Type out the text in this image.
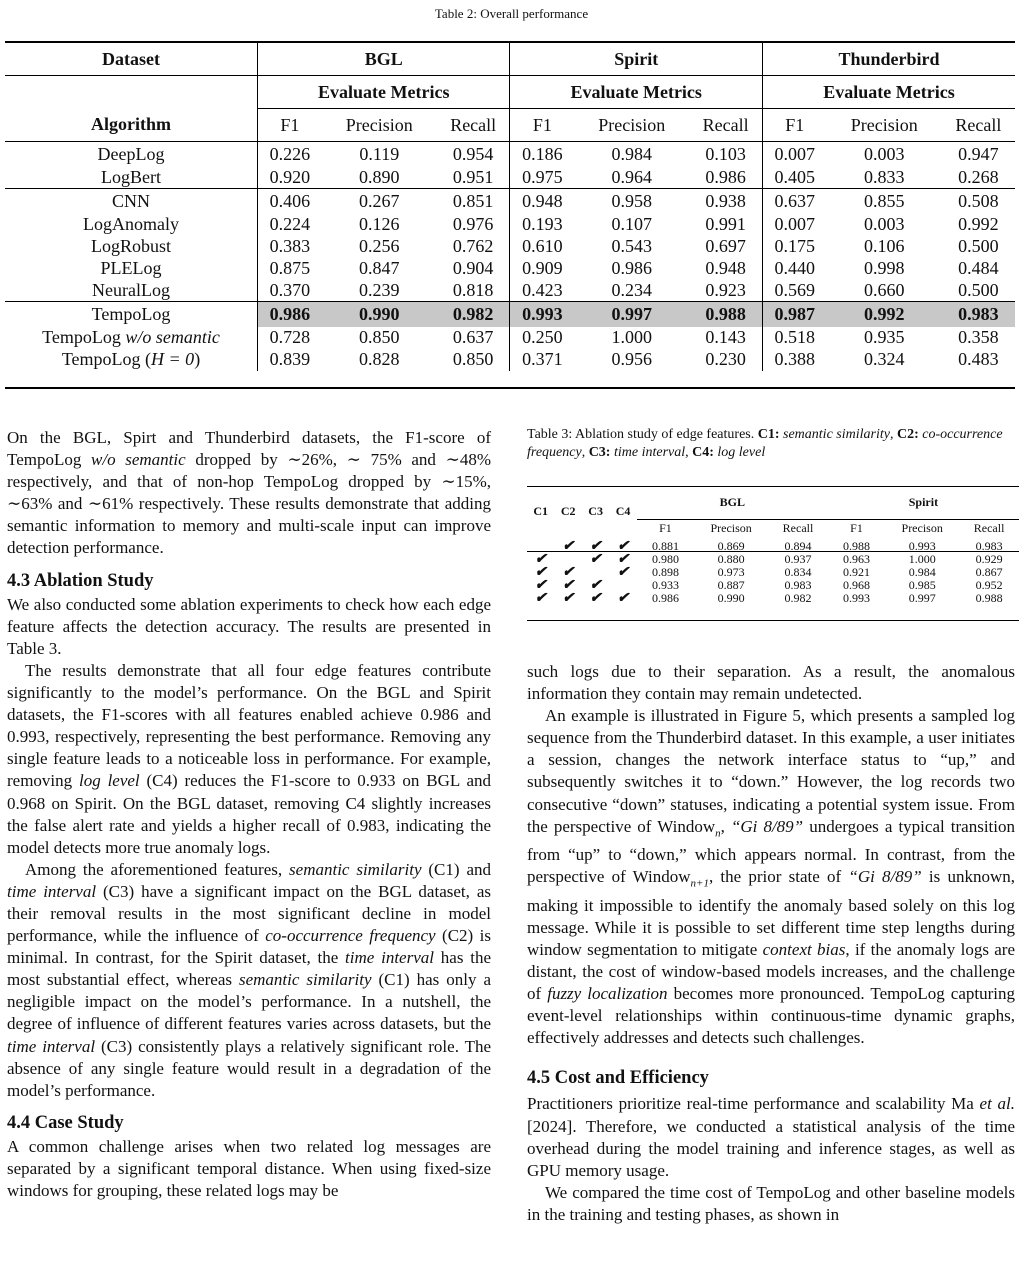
Table 2: Overall performance
Dataset	BGL			Spirit			Thunderbird		
	Evaluate Metrics			Evaluate Metrics			Evaluate Metrics		
Algorithm	F1	Precision	Recall	F1	Precision	Recall	F1	Precision	Recall
DeepLog	0.226	0.119	0.954	0.186	0.984	0.103	0.007	0.003	0.947
LogBert	0.920	0.890	0.951	0.975	0.964	0.986	0.405	0.833	0.268
CNN	0.406	0.267	0.851	0.948	0.958	0.938	0.637	0.855	0.508
LogAnomaly	0.224	0.126	0.976	0.193	0.107	0.991	0.007	0.003	0.992
LogRobust	0.383	0.256	0.762	0.610	0.543	0.697	0.175	0.106	0.500
PLELog	0.875	0.847	0.904	0.909	0.986	0.948	0.440	0.998	0.484
NeuralLog	0.370	0.239	0.818	0.423	0.234	0.923	0.569	0.660	0.500
TempoLog	0.986	0.990	0.982	0.993	0.997	0.988	0.987	0.992	0.983
TempoLog w/o semantic	0.728	0.850	0.637	0.250	1.000	0.143	0.518	0.935	0.358
TempoLog (H = 0)	0.839	0.828	0.850	0.371	0.956	0.230	0.388	0.324	0.483

On the BGL, Spirt and Thunderbird datasets, the F1-score of TempoLog w/o semantic dropped by ∼26%, ∼ 75% and ∼48% respectively, and that of non-hop TempoLog dropped by ∼15%, ∼63% and ∼61% respectively. These results demonstrate that adding semantic information to memory and multi-scale input can improve detection performance.

4.3 Ablation Study

We also conducted some ablation experiments to check how each edge feature affects the detection accuracy. The results are presented in Table 3.

The results demonstrate that all four edge features contribute significantly to the model’s performance. On the BGL and Spirit datasets, the F1-scores with all features enabled achieve 0.986 and 0.993, respectively, representing the best performance. Removing any single feature leads to a noticeable loss in performance. For example, removing log level (C4) reduces the F1-score to 0.933 on BGL and 0.968 on Spirit. On the BGL dataset, removing C4 slightly increases the false alert rate and yields a higher recall of 0.983, indicating the model detects more true anomaly logs.

Among the aforementioned features, semantic similarity (C1) and time interval (C3) have a significant impact on the BGL dataset, as their removal results in the most significant decline in model performance, while the influence of co-occurrence frequency (C2) is minimal. In contrast, for the Spirit dataset, the time interval has the most substantial effect, whereas semantic similarity (C1) has only a negligible impact on the model’s performance. In a nutshell, the degree of influence of different features varies across datasets, but the time interval (C3) consistently plays a relatively significant role. The absence of any single feature would result in a degradation of the model’s performance.

4.4 Case Study

A common challenge arises when two related log messages are separated by a significant temporal distance. When using fixed-size windows for grouping, these related logs may be

Table 3: Ablation study of edge features. C1: semantic similarity, C2: co-occurrence frequency, C3: time interval, C4: log level
C1	C2	C3	C4	BGL			Spirit		
				F1	Precison	Recall	F1	Precison	Recall
	✔	✔	✔	0.881	0.869	0.894	0.988	0.993	0.983
✔		✔	✔	0.980	0.880	0.937	0.963	1.000	0.929
✔	✔		✔	0.898	0.973	0.834	0.921	0.984	0.867
✔	✔	✔		0.933	0.887	0.983	0.968	0.985	0.952
✔	✔	✔	✔	0.986	0.990	0.982	0.993	0.997	0.988

such logs due to their separation. As a result, the anomalous information they contain may remain undetected.

An example is illustrated in Figure 5, which presents a sampled log sequence from the Thunderbird dataset. In this example, a user initiates a session, changes the network interface status to “up,” and subsequently switches it to “down.” However, the log records two consecutive “down” statuses, indicating a potential system issue. From the perspective of Window$_n$, “Gi 8/89” undergoes a typical transition from “up” to “down,” which appears normal. In contrast, from the perspective of Window$_{n+1}$, the prior state of “Gi 8/89” is unknown, making it impossible to identify the anomaly based solely on this log message. While it is possible to set different time step lengths during window segmentation to mitigate context bias, if the anomaly logs are distant, the cost of window-based models increases, and the challenge of fuzzy localization becomes more pronounced. TempoLog capturing event-level relationships within continuous-time dynamic graphs, effectively addresses and detects such challenges.

4.5 Cost and Efficiency

Practitioners prioritize real-time performance and scalability Ma et al. [2024]. Therefore, we conducted a statistical analysis of the time overhead during the model training and inference stages, as well as GPU memory usage.

We compared the time cost of TempoLog and other baseline models in the training and testing phases, as shown in
